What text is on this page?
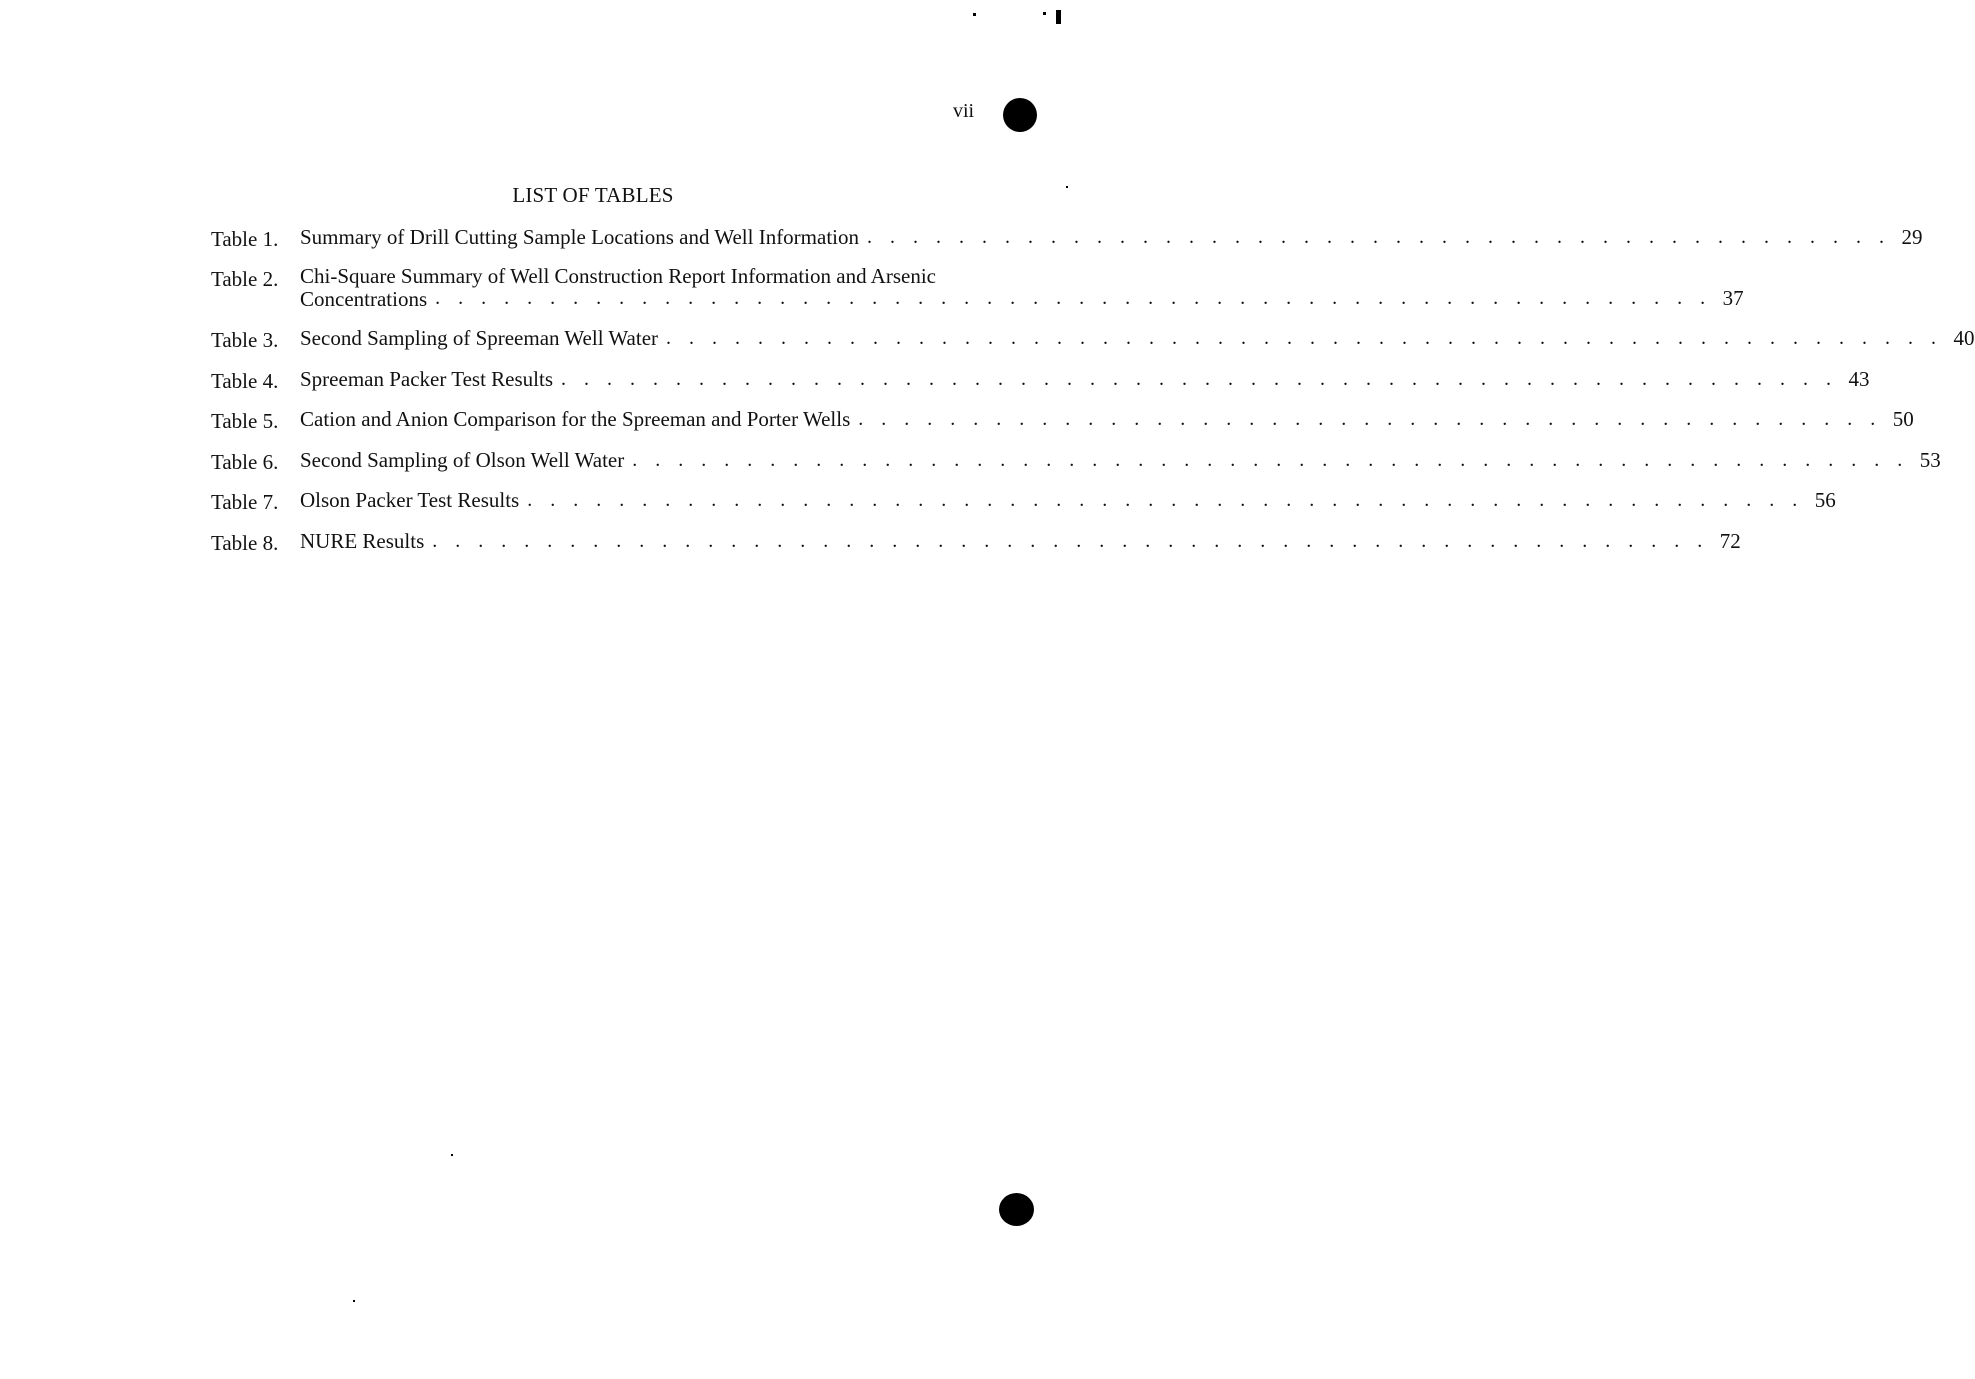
vii
LIST OF TABLES
Table 1. Summary of Drill Cutting Sample Locations and Well Information . . . . . . . . . . . . . . . . . . . . . . . . . . . . . . . . . . . . . . . . . . . . . 29
Table 2. Chi-Square Summary of Well Construction Report Information and Arsenic
Concentrations . . . . . . . . . . . . . . . . . . . . . . . . . . . . . . . . . . . . . . . . . . . . . . . . . . . . . . . . 37
Table 3. Second Sampling of Spreeman Well Water . . . . . . . . . . . . . . . . . . . . . . . . . . . . . . . . . . . . . . . . . . . . . . . . . . . . . . . . 40
Table 4. Spreeman Packer Test Results . . . . . . . . . . . . . . . . . . . . . . . . . . . . . . . . . . . . . . . . . . . . . . . . . . . . . . . . 43
Table 5. Cation and Anion Comparison for the Spreeman and Porter Wells . . . . . . . . . . . . . . . . . . . . . . . . . . . . . . . . . . . . . . . . . . . . . 50
Table 6. Second Sampling of Olson Well Water . . . . . . . . . . . . . . . . . . . . . . . . . . . . . . . . . . . . . . . . . . . . . . . . . . . . . . . . 53
Table 7. Olson Packer Test Results . . . . . . . . . . . . . . . . . . . . . . . . . . . . . . . . . . . . . . . . . . . . . . . . . . . . . . . . 56
Table 8. NURE Results . . . . . . . . . . . . . . . . . . . . . . . . . . . . . . . . . . . . . . . . . . . . . . . . . . . . . . . . 72
